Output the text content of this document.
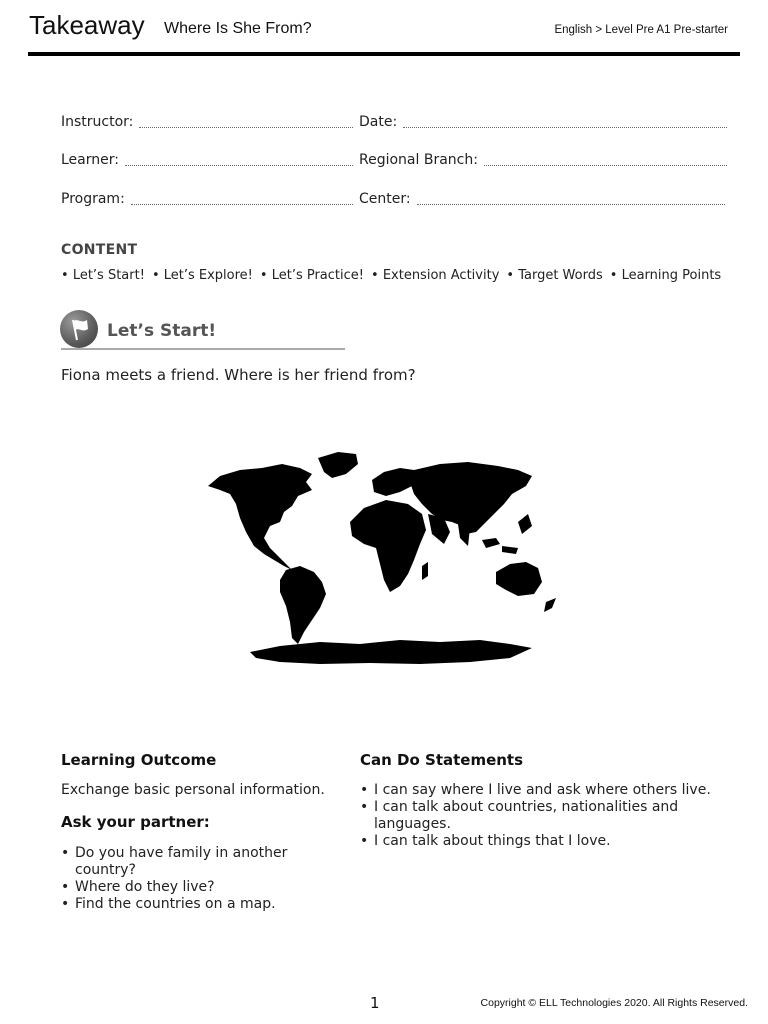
Takeaway Where Is She From?	English > Level Pre A1 Pre-starter
Instructor:	Date:
Learner:	Regional Branch:
Program:	Center:
CONTENT
• Let’s Start!	• Let’s Explore!	• Let’s Practice!	• Extension Activity	• Target Words	• Learning Points
Let’s Start!
Fiona meets a friend. Where is her friend from?
Learning Outcome
Exchange basic personal information.
Ask your partner:
• Do you have family in another country?
• Where do they live?
• Find the countries on a map.
Can Do Statements
• I can say where I live and ask where others live.
• I can talk about countries, nationalities and languages.
• I can talk about things that I love.
1	Copyright © ELL Technologies 2020. All Rights Reserved.
